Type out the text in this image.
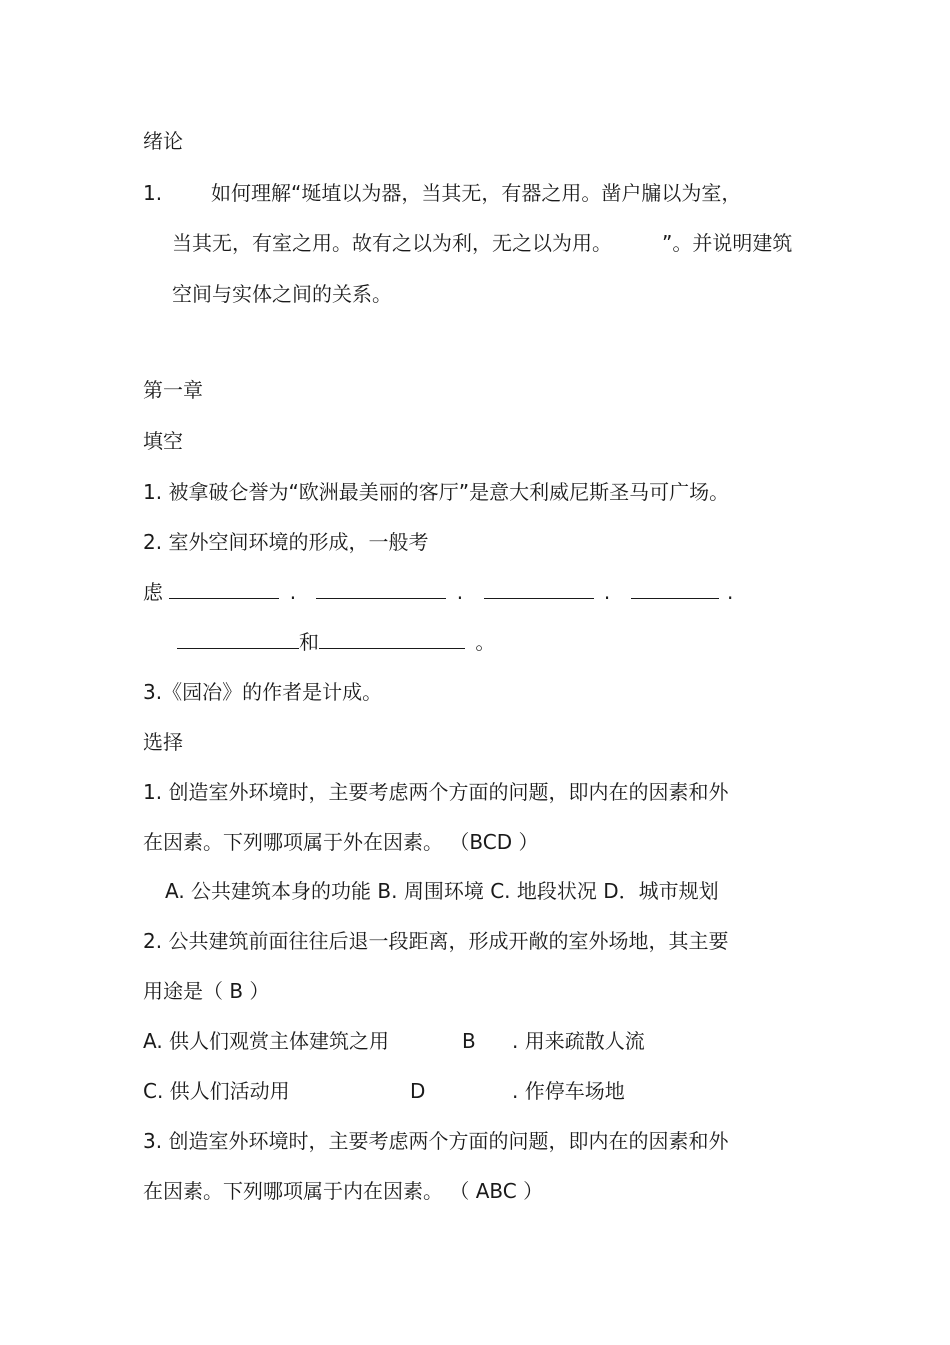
绪论
1. 如何理解“埏埴以为器，当其无，有器之用。凿户牖以为室，
当其无，有室之用。故有之以为利，无之以为用。	”。并说明建筑
空间与实体之间的关系。
第一章
填空
1. 被拿破仑誉为“欧洲最美丽的客厅”是意大利威尼斯圣马可广场。
2. 室外空间环境的形成，一般考
虑	.	.	.	.
和	。
3.《园冶》的作者是计成。
选择
1. 创造室外环境时，主要考虑两个方面的问题，即内在的因素和外
在因素。下列哪项属于外在因素。 （BCD ）
A. 公共建筑本身的功能 B. 周围环境 C. 地段状况 D．城市规划
2. 公共建筑前面往往后退一段距离，形成开敞的室外场地，其主要
用途是（ B ）
A. 供人们观赏主体建筑之用	B . 用来疏散人流
C. 供人们活动用	D	. 作停车场地
3. 创造室外环境时，主要考虑两个方面的问题，即内在的因素和外
在因素。下列哪项属于内在因素。 （ ABC ）
